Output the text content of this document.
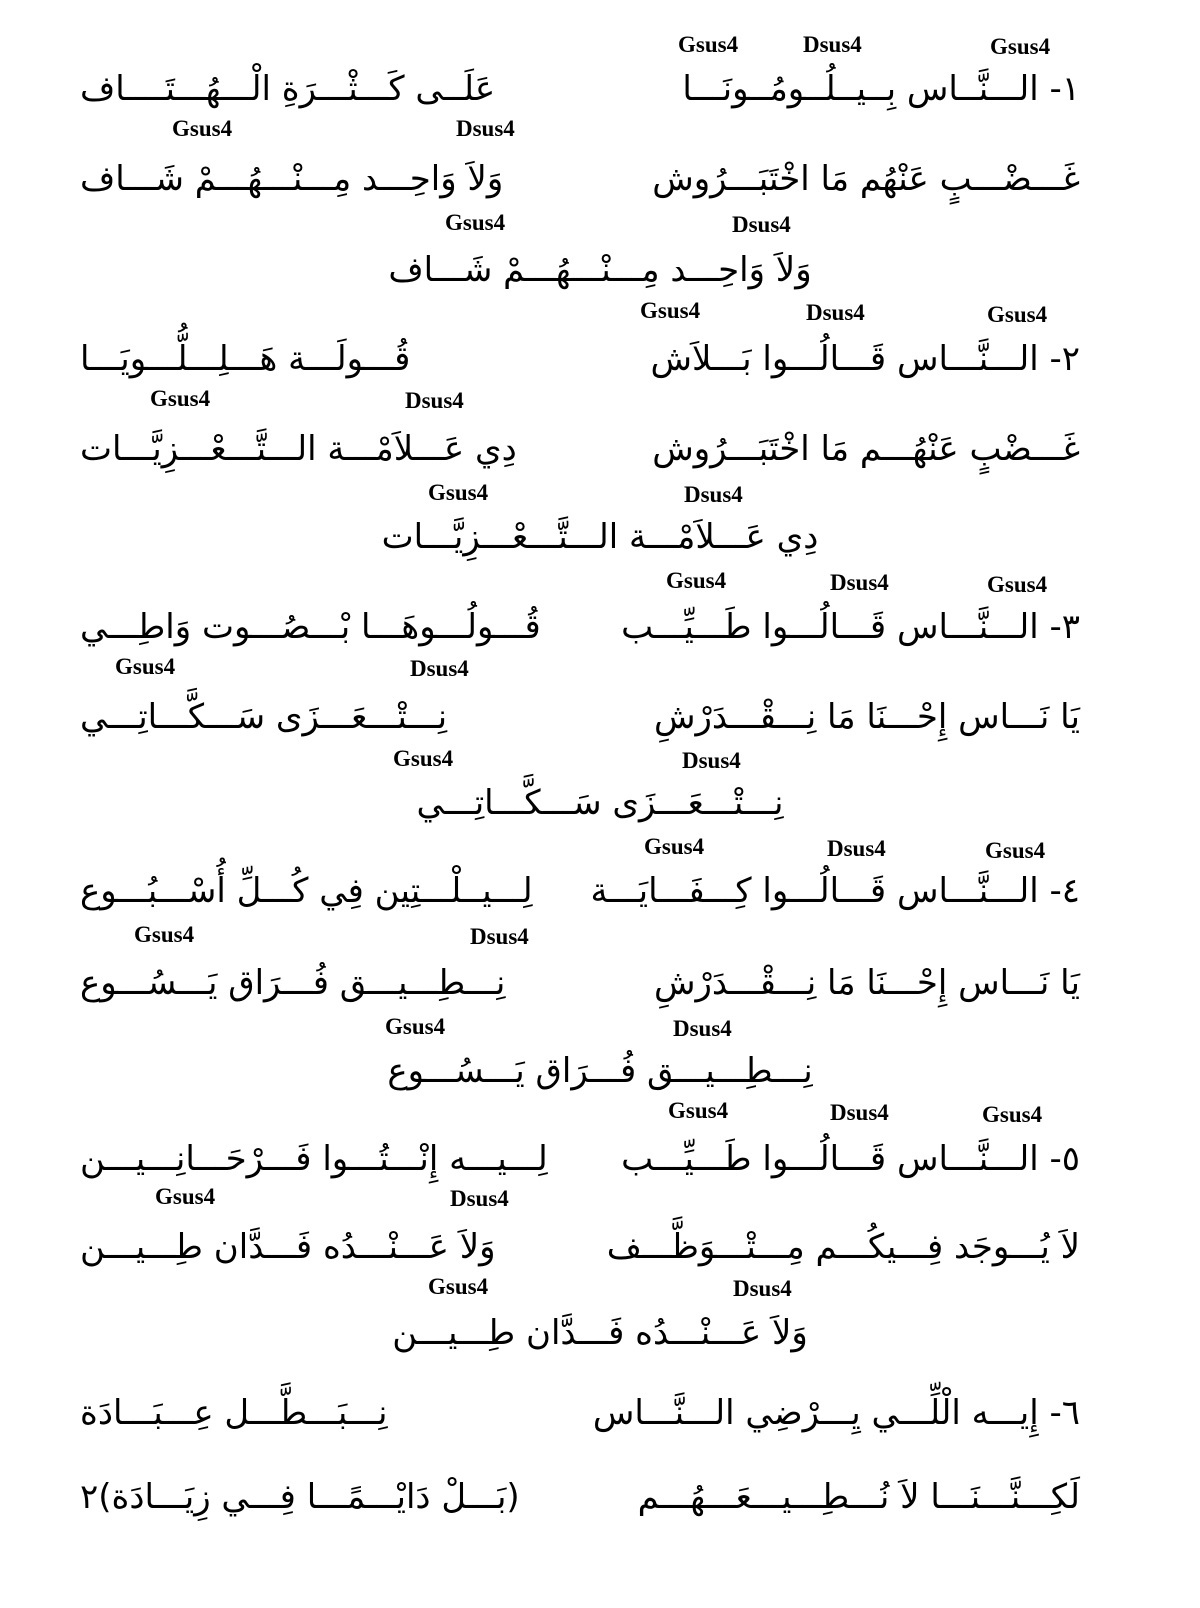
Gsus4	Dsus4	Gsus4
١- الـــنَّــاس بِــيــلُــومُــونَـــا
عَلَــى كَـــثْـــرَةِ الْـــهُـــتَــــاف
Gsus4	Dsus4
غَـــضْـــبٍ عَنْهُم مَا اخْتَبَـــرُوش
وَلاَ وَاحِـــد مِـــنْـــهُـــمْ شَـــاف
Gsus4	Dsus4
وَلاَ وَاحِـــد مِـــنْـــهُـــمْ شَـــاف
Gsus4	Dsus4	Gsus4
٢- الـــنَّـــاس قَـــالُـــوا بَـــلاَش
قُـــولَـــة هَـــلِـــلُّـــويَـــا
Gsus4	Dsus4
غَـــضْبٍ عَنْهُـــم مَا اخْتَبَـــرُوش
دِي عَـــلاَمْـــة الـــتَّـــعْـــزِيَّـــات
Gsus4	Dsus4
دِي عَـــلاَمْـــة الـــتَّـــعْـــزِيَّـــات
Gsus4	Dsus4	Gsus4
٣- الـــنَّـــاس قَـــالُـــوا طَـــيِّـــب
قُـــولُـــوهَـــا بْـــصُـــوت وَاطِـــي
Gsus4	Dsus4
يَا نَـــاس إِحْـــنَا مَا نِـــقْـــدَرْشِ
نِـــتْـــعَـــزَى سَـــكَّـــاتِـــي
Gsus4	Dsus4
نِـــتْـــعَـــزَى سَـــكَّـــاتِـــي
Gsus4	Dsus4	Gsus4
٤- الـــنَّـــاس قَـــالُـــوا كِـــفَـــايَـــة
لِـــيــلْـــتِين فِي كُـــلِّ أُسْـــبُـــوع
Gsus4	Dsus4
يَا نَـــاس إِحْـــنَا مَا نِـــقْـــدَرْشِ
نِـــطِـــيـــق فُـــرَاق يَـــسُـــوع
Gsus4	Dsus4
نِـــطِـــيـــق فُـــرَاق يَـــسُـــوع
Gsus4	Dsus4	Gsus4
٥- الـــنَّـــاس قَـــالُـــوا طَـــيِّـــب
لِـــيـــه إِنْـــتُـــوا فَـــرْحَـــانِـــيـــن
Gsus4	Dsus4
لاَ يُـــوجَد فِـــيكُـــم مِـــتْـــوَظَّـــف
وَلاَ عَـــنْـــدُه فَـــدَّان طِـــيـــن
Gsus4	Dsus4
وَلاَ عَـــنْـــدُه فَـــدَّان طِـــيـــن
٦- إِيـــه الْلِّـــي يِـــرْضِي الـــنَّـــاس
نِـــبَـــطَّـــل عِـــبَـــادَة
لَكِـــنَّـــنَـــا لاَ نُـــطِـــيـــعَـــهُـــم
(بَـــلْ دَايْـــمًـــا فِـــي زِيَـــادَة)٢
